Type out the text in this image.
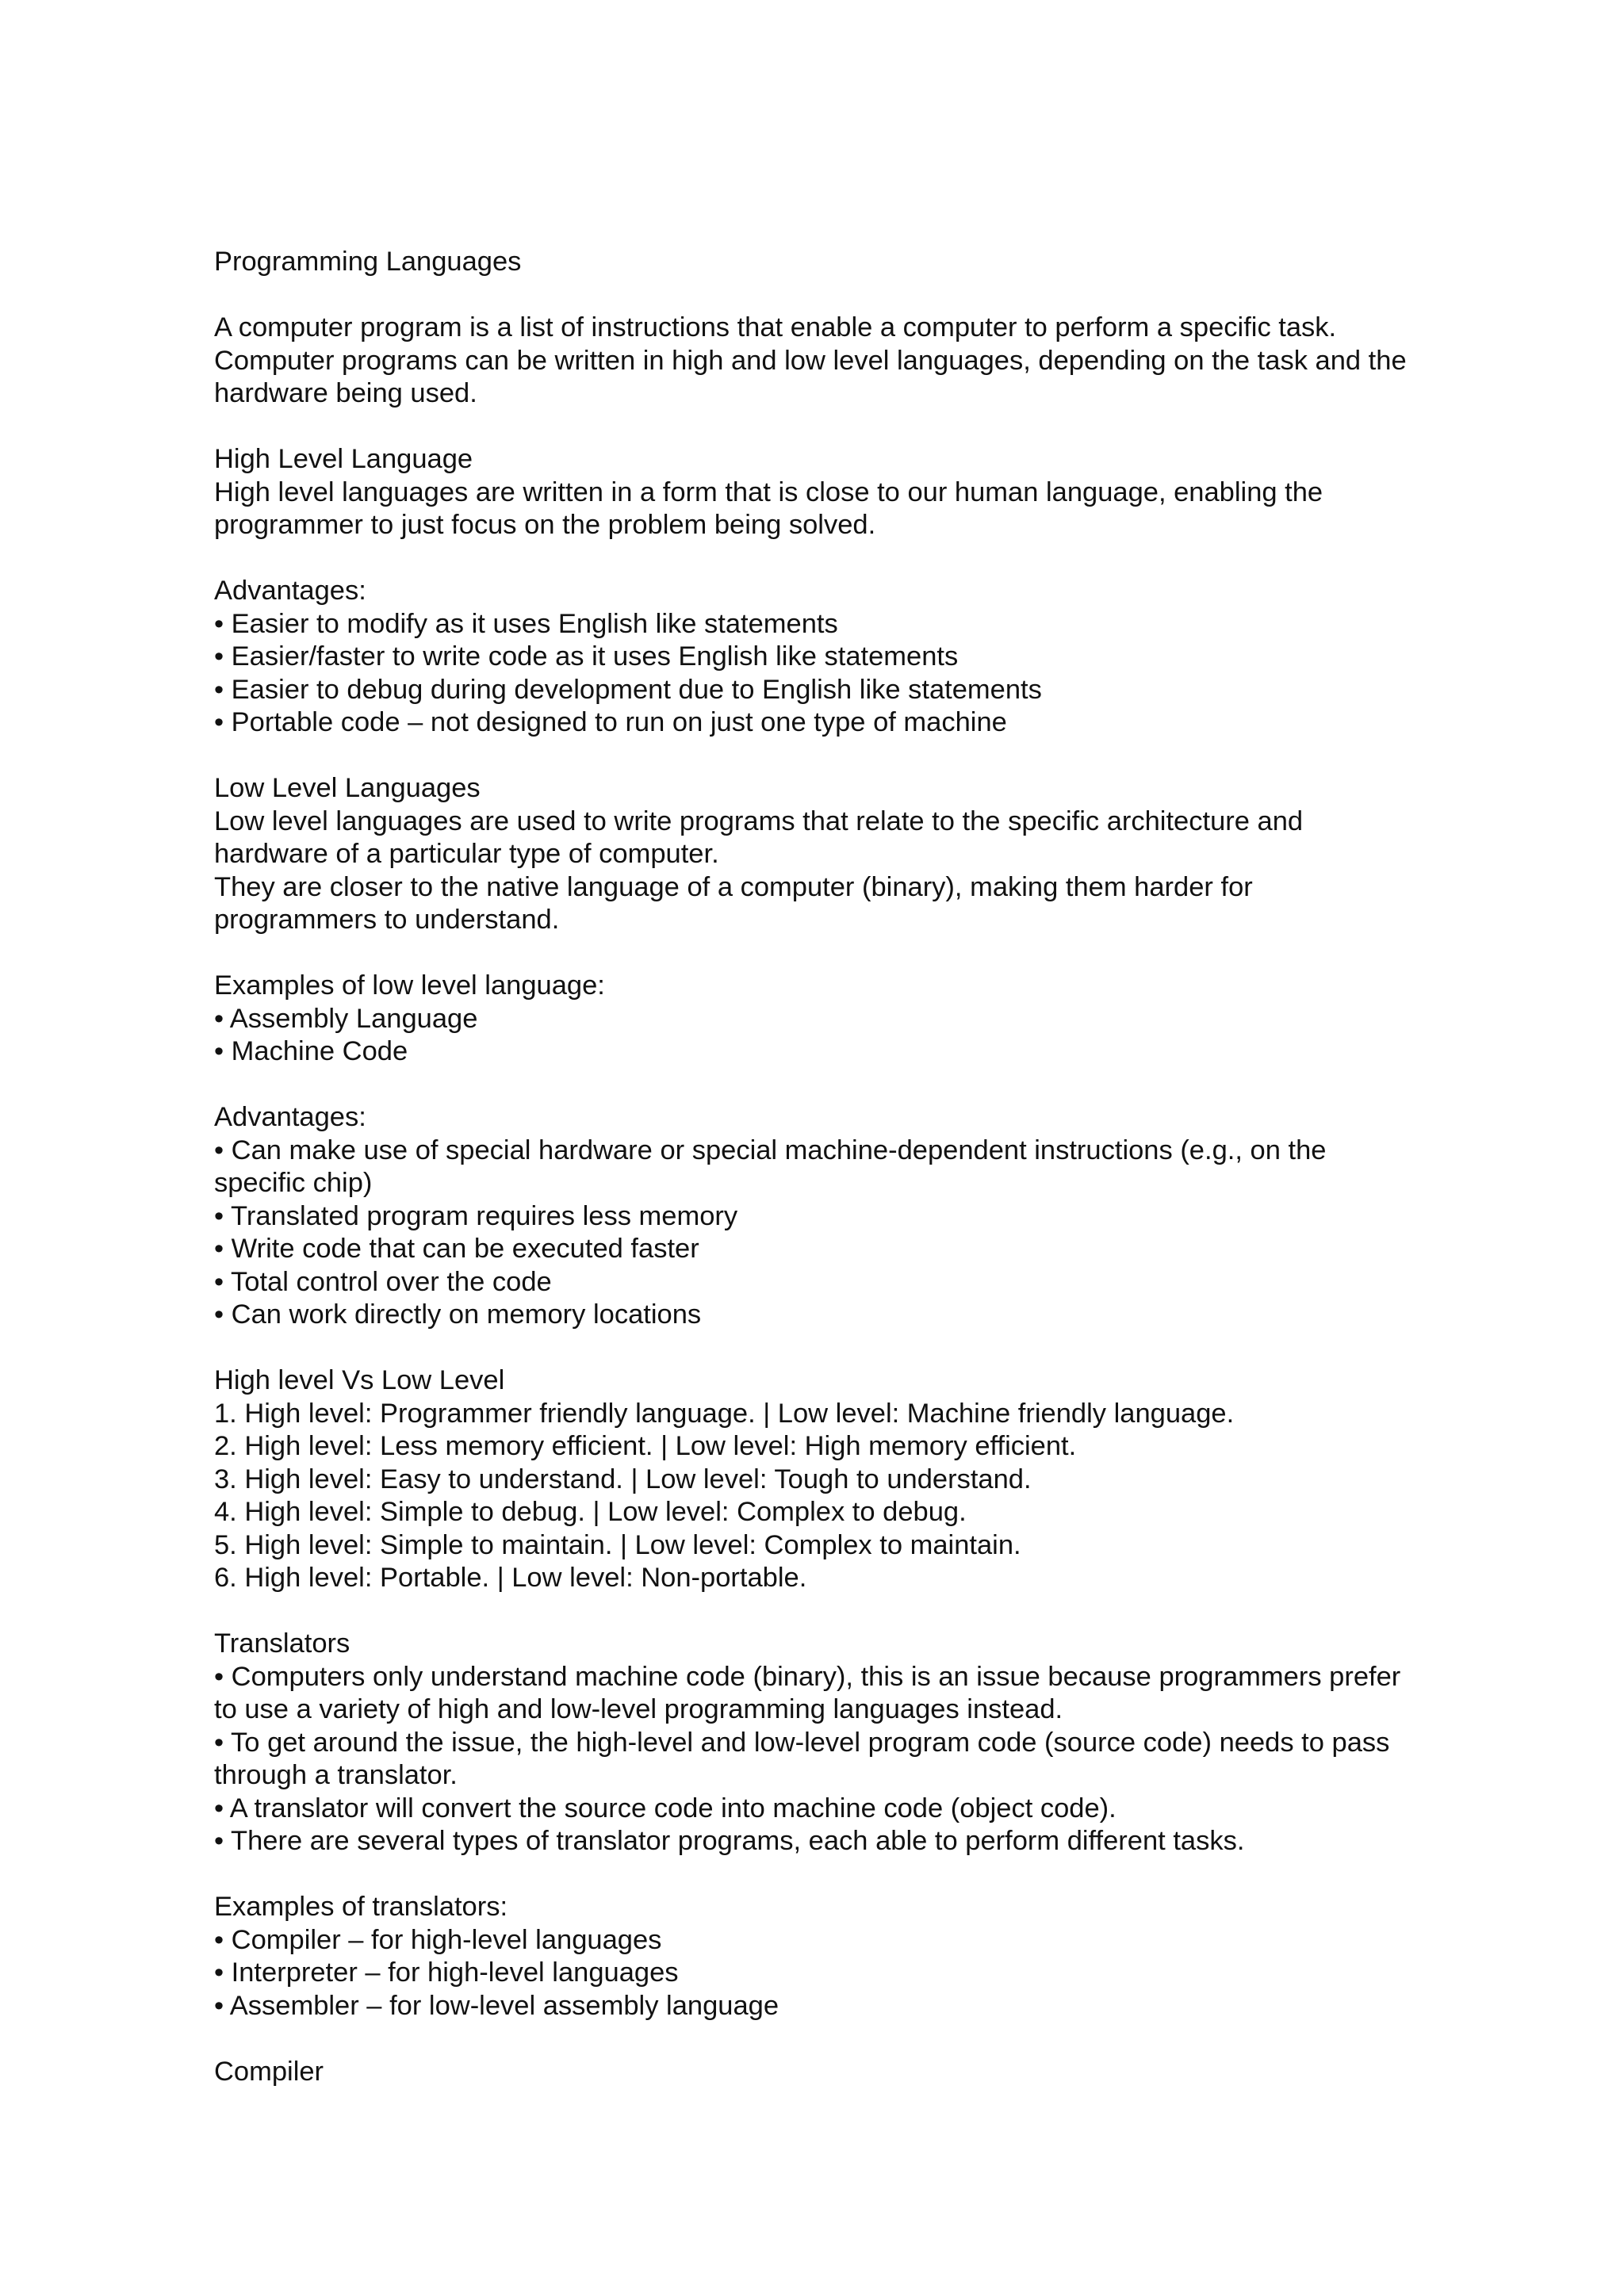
Programming Languages
A computer program is a list of instructions that enable a computer to perform a specific task.
Computer programs can be written in high and low level languages, depending on the task and the
hardware being used.
High Level Language
High level languages are written in a form that is close to our human language, enabling the
programmer to just focus on the problem being solved.
Advantages:
• Easier to modify as it uses English like statements
• Easier/faster to write code as it uses English like statements
• Easier to debug during development due to English like statements
• Portable code – not designed to run on just one type of machine
Low Level Languages
Low level languages are used to write programs that relate to the specific architecture and
hardware of a particular type of computer.
They are closer to the native language of a computer (binary), making them harder for
programmers to understand.
Examples of low level language:
• Assembly Language
• Machine Code
Advantages:
• Can make use of special hardware or special machine-dependent instructions (e.g., on the
specific chip)
• Translated program requires less memory
• Write code that can be executed faster
• Total control over the code
• Can work directly on memory locations
High level Vs Low Level
1. High level: Programmer friendly language. | Low level: Machine friendly language.
2. High level: Less memory efficient. | Low level: High memory efficient.
3. High level: Easy to understand. | Low level: Tough to understand.
4. High level: Simple to debug. | Low level: Complex to debug.
5. High level: Simple to maintain. | Low level: Complex to maintain.
6. High level: Portable. | Low level: Non-portable.
Translators
• Computers only understand machine code (binary), this is an issue because programmers prefer
to use a variety of high and low-level programming languages instead.
• To get around the issue, the high-level and low-level program code (source code) needs to pass
through a translator.
• A translator will convert the source code into machine code (object code).
• There are several types of translator programs, each able to perform different tasks.
Examples of translators:
• Compiler – for high-level languages
• Interpreter – for high-level languages
• Assembler – for low-level assembly language
Compiler
